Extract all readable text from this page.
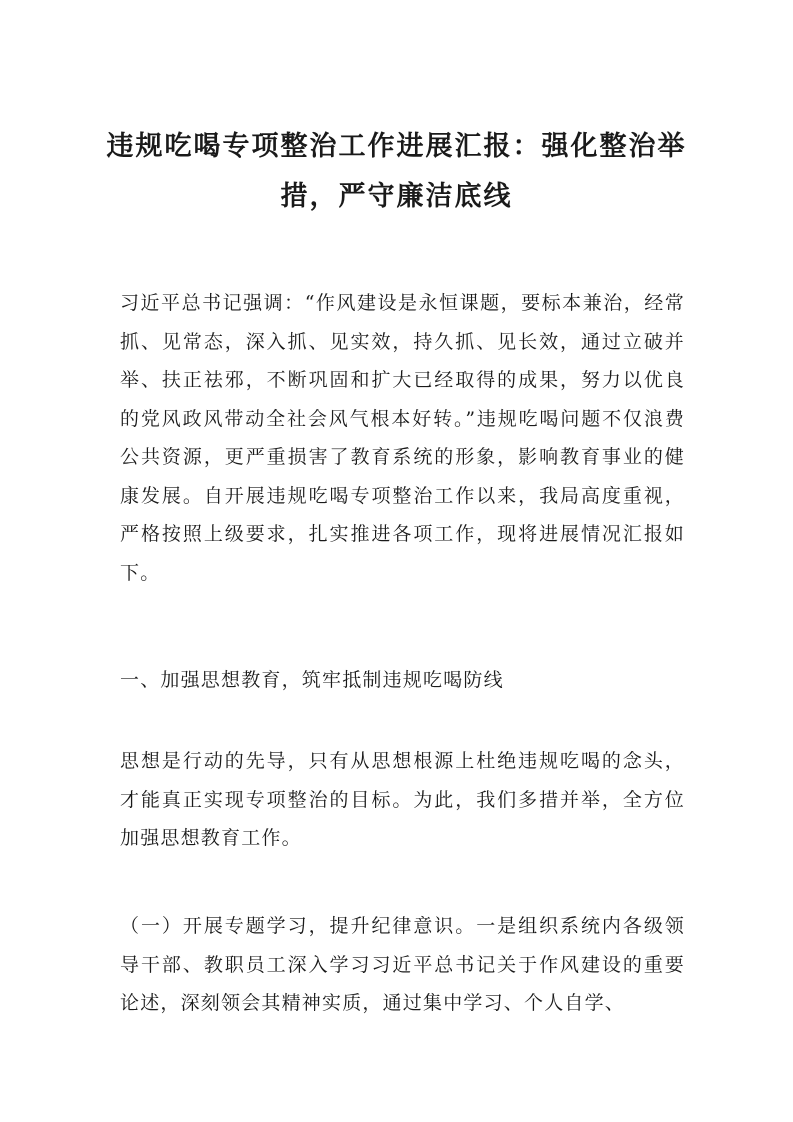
违规吃喝专项整治工作进展汇报：强化整治举措，严守廉洁底线

习近平总书记强调：“作风建设是永恒课题，要标本兼治，经常抓、见常态，深入抓、见实效，持久抓、见长效，通过立破并举、扶正祛邪，不断巩固和扩大已经取得的成果，努力以优良的党风政风带动全社会风气根本好转。”违规吃喝问题不仅浪费公共资源，更严重损害了教育系统的形象，影响教育事业的健康发展。自开展违规吃喝专项整治工作以来，我局高度重视，严格按照上级要求，扎实推进各项工作，现将进展情况汇报如下。

一、加强思想教育，筑牢抵制违规吃喝防线

思想是行动的先导，只有从思想根源上杜绝违规吃喝的念头，才能真正实现专项整治的目标。为此，我们多措并举，全方位加强思想教育工作。

（一）开展专题学习，提升纪律意识。一是组织系统内各级领导干部、教职员工深入学习习近平总书记关于作风建设的重要论述，深刻领会其精神实质，通过集中学习、个人自学、
